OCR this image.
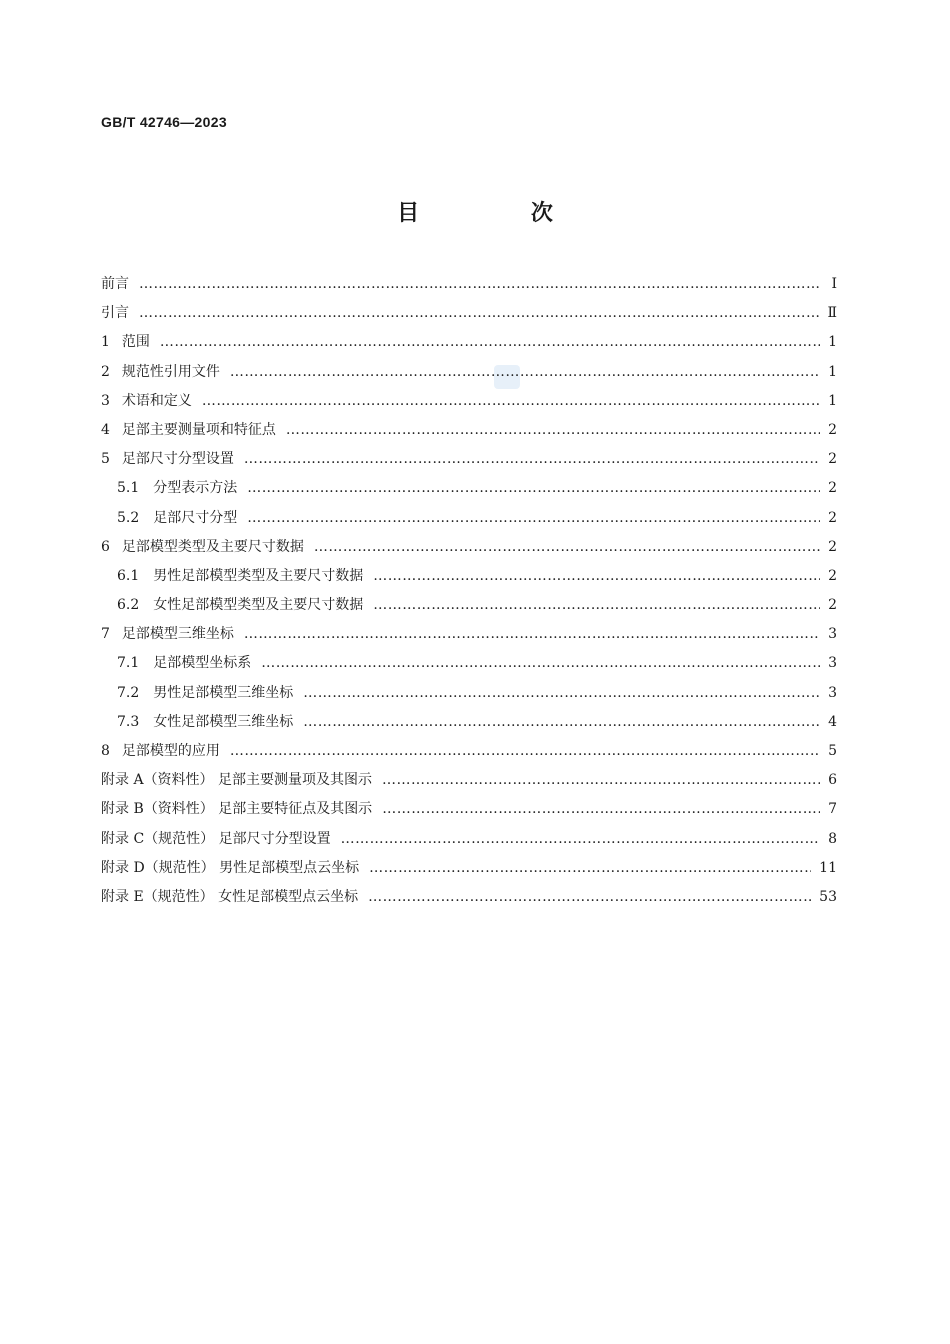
GB/T 42746—2023
目 次
前言 …………………………………………………………………………………………………………………………………………………………………………………………………………………………………………………	Ⅰ
引言 …………………………………………………………………………………………………………………………………………………………………………………………………………………………………………………	Ⅱ
1 范围 …………………………………………………………………………………………………………………………………………………………………………………………………………………………………………………	1
2 规范性引用文件 …………………………………………………………………………………………………………………………………………………………………………………………………………………………………………………	1
3 术语和定义 …………………………………………………………………………………………………………………………………………………………………………………………………………………………………………………	1
4 足部主要测量项和特征点 …………………………………………………………………………………………………………………………………………………………………………………………………………………………………………………	2
5 足部尺寸分型设置 …………………………………………………………………………………………………………………………………………………………………………………………………………………………………………………	2
5.1 分型表示方法 …………………………………………………………………………………………………………………………………………………………………………………………………………………………………………………	2
5.2 足部尺寸分型 …………………………………………………………………………………………………………………………………………………………………………………………………………………………………………………	2
6 足部模型类型及主要尺寸数据 …………………………………………………………………………………………………………………………………………………………………………………………………………………………………………………	2
6.1 男性足部模型类型及主要尺寸数据 …………………………………………………………………………………………………………………………………………………………………………………………………………………………………………………	2
6.2 女性足部模型类型及主要尺寸数据 …………………………………………………………………………………………………………………………………………………………………………………………………………………………………………………	2
7 足部模型三维坐标 …………………………………………………………………………………………………………………………………………………………………………………………………………………………………………………	3
7.1 足部模型坐标系 …………………………………………………………………………………………………………………………………………………………………………………………………………………………………………………	3
7.2 男性足部模型三维坐标 …………………………………………………………………………………………………………………………………………………………………………………………………………………………………………………	3
7.3 女性足部模型三维坐标 …………………………………………………………………………………………………………………………………………………………………………………………………………………………………………………	4
8 足部模型的应用 …………………………………………………………………………………………………………………………………………………………………………………………………………………………………………………	5
附录 A（资料性） 足部主要测量项及其图示 …………………………………………………………………………………………………………………………………………………………………………………………………………………………………………………	6
附录 B（资料性） 足部主要特征点及其图示 …………………………………………………………………………………………………………………………………………………………………………………………………………………………………………………	7
附录 C（规范性） 足部尺寸分型设置 …………………………………………………………………………………………………………………………………………………………………………………………………………………………………………………	8
附录 D（规范性） 男性足部模型点云坐标 …………………………………………………………………………………………………………………………………………………………………………………………………………………………………………………	11
附录 E（规范性） 女性足部模型点云坐标 …………………………………………………………………………………………………………………………………………………………………………………………………………………………………………………	53
